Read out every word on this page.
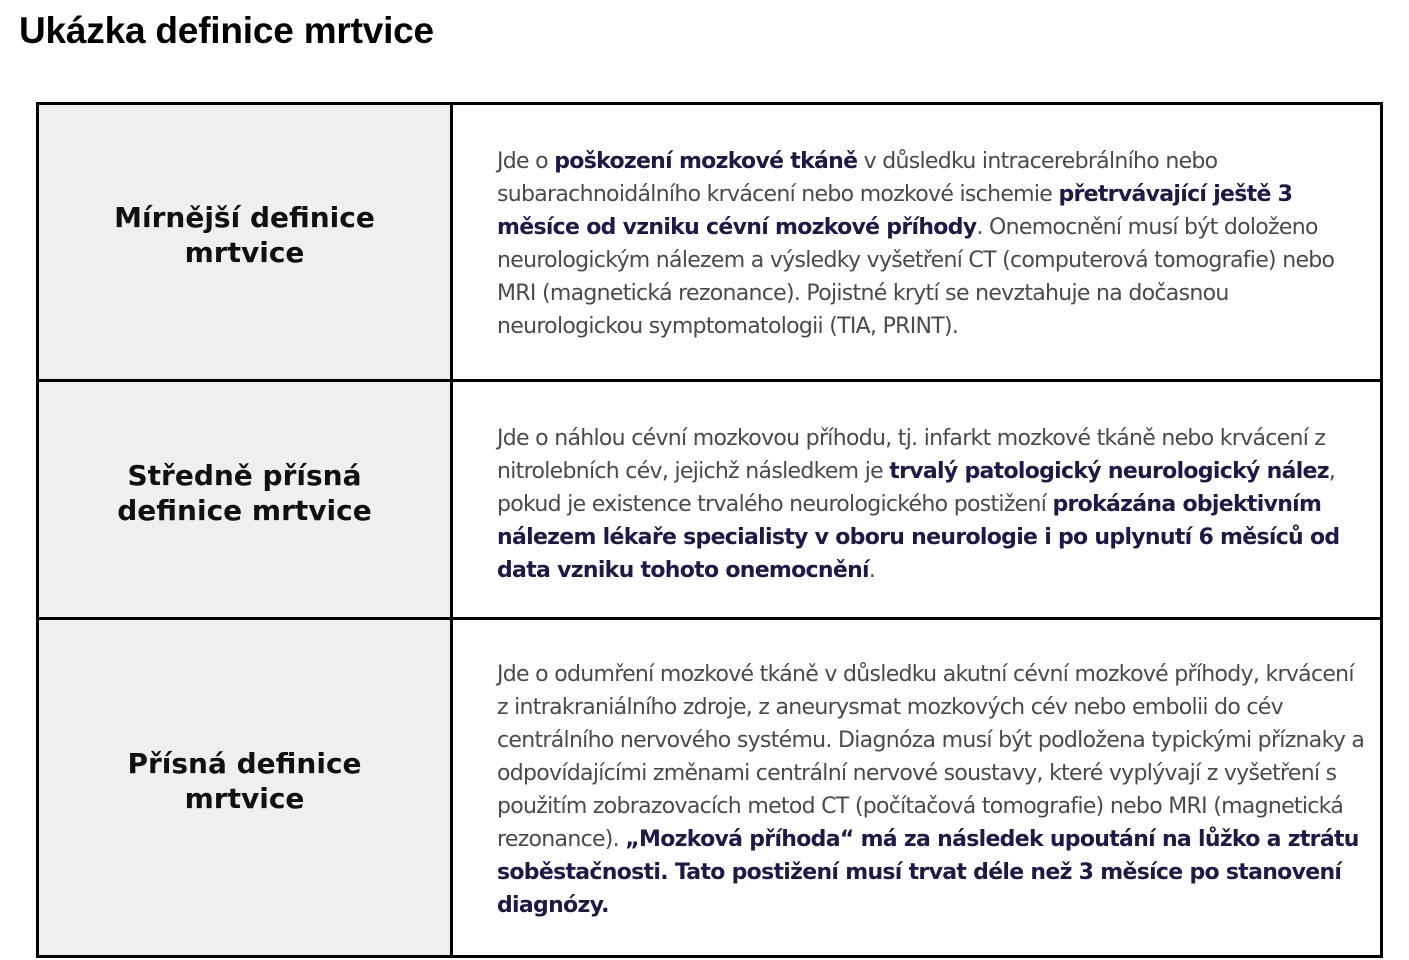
Ukázka definice mrtvice
Mírnější definice mrtvice	Jde o poškození mozkové tkáně v důsledku intracerebrálního nebo subarachnoidálního krvácení nebo mozkové ischemie přetrvávající ještě 3 měsíce od vzniku cévní mozkové příhody. Onemocnění musí být doloženo neurologickým nálezem a výsledky vyšetření CT (computerová tomografie) nebo MRI (magnetická rezonance). Pojistné krytí se nevztahuje na dočasnou neurologickou symptomatologii (TIA, PRINT).

Středně přísná definice mrtvice	Jde o náhlou cévní mozkovou příhodu, tj. infarkt mozkové tkáně nebo krvácení z nitrolebních cév, jejichž následkem je trvalý patologický neurologický nález, pokud je existence trvalého neurologického postižení prokázána objektivním nálezem lékaře specialisty v oboru neurologie i po uplynutí 6 měsíců od data vzniku tohoto onemocnění.

Přísná definice mrtvice	Jde o odumření mozkové tkáně v důsledku akutní cévní mozkové příhody, krvácení z intrakraniálního zdroje, z aneurysmat mozkových cév nebo embolii do cév centrálního nervového systému. Diagnóza musí být podložena typickými příznaky a odpovídajícími změnami centrální nervové soustavy, které vyplývají z vyšetření s použitím zobrazovacích metod CT (počítačová tomografie) nebo MRI (magnetická rezonance). „Mozková příhoda“ má za následek upoutání na lůžko a ztrátu soběstačnosti. Tato postižení musí trvat déle než 3 měsíce po stanovení diagnózy.
